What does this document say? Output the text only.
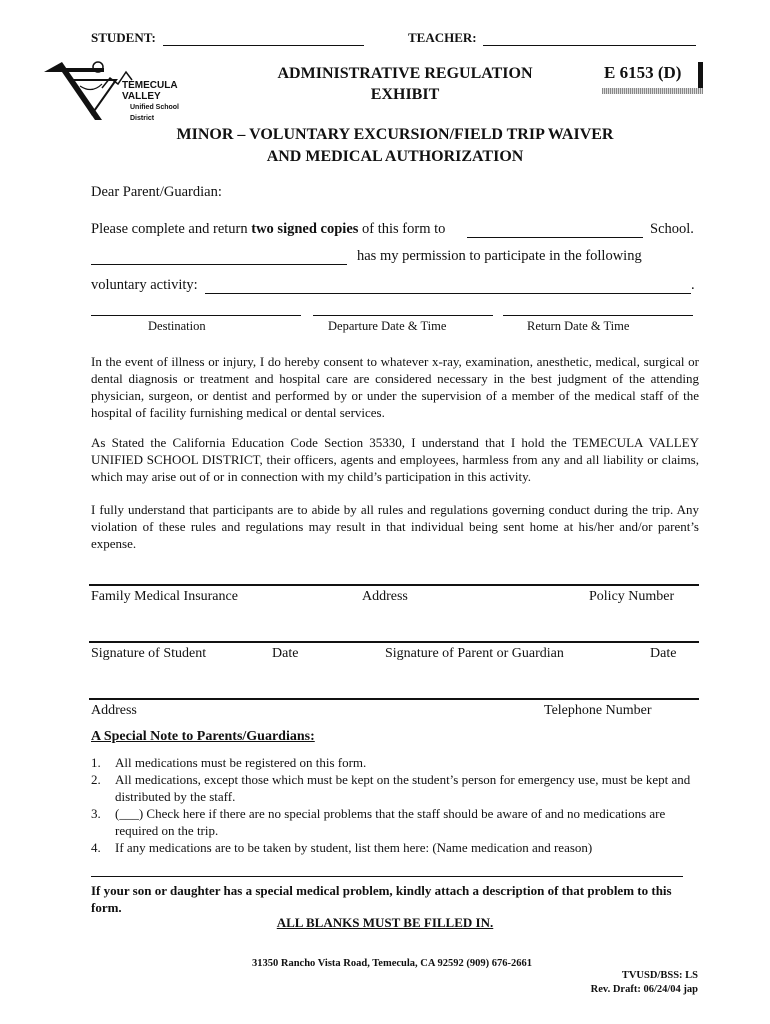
STUDENT:	TEACHER:
TEMECULA VALLEY
Unified School District
ADMINISTRATIVE REGULATION
EXHIBIT
E 6153 (D)
MINOR – VOLUNTARY EXCURSION/FIELD TRIP WAIVER
AND MEDICAL AUTHORIZATION
Dear Parent/Guardian:
Please complete and return two signed copies of this form to	School.
has my permission to participate in the following
voluntary activity:	.
Destination	Departure Date & Time	Return Date & Time
In the event of illness or injury, I do hereby consent to whatever x-ray, examination, anesthetic, medical, surgical or dental diagnosis or treatment and hospital care are considered necessary in the best judgment of the attending physician, surgeon, or dentist and performed by or under the supervision of a member of the medical staff of the hospital of facility furnishing medical or dental services.
As Stated the California Education Code Section 35330, I understand that I hold the TEMECULA VALLEY UNIFIED SCHOOL DISTRICT, their officers, agents and employees, harmless from any and all liability or claims, which may arise out of or in connection with my child’s participation in this activity.
I fully understand that participants are to abide by all rules and regulations governing conduct during the trip. Any violation of these rules and regulations may result in that individual being sent home at his/her and/or parent’s expense.
Family Medical Insurance	Address	Policy Number
Signature of Student	Date	Signature of Parent or Guardian	Date
Address	Telephone Number
A Special Note to Parents/Guardians:
1. All medications must be registered on this form.
2. All medications, except those which must be kept on the student’s person for emergency use, must be kept and distributed by the staff.
3. (___) Check here if there are no special problems that the staff should be aware of and no medications are required on the trip.
4. If any medications are to be taken by student, list them here: (Name medication and reason)
If your son or daughter has a special medical problem, kindly attach a description of that problem to this form.
ALL BLANKS MUST BE FILLED IN.
31350 Rancho Vista Road, Temecula, CA 92592 (909) 676-2661
TVUSD/BSS: LS
Rev. Draft: 06/24/04 jap
